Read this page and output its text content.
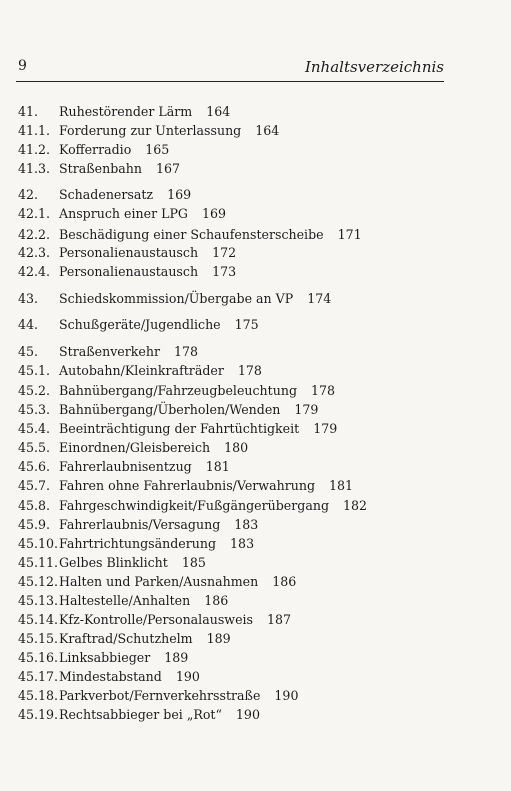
9	Inhaltsverzeichnis
41. Ruhestörender Lärm 164
41.1. Forderung zur Unterlassung 164
41.2. Kofferradio 165
41.3. Straßenbahn 167
42. Schadenersatz 169
42.1. Anspruch einer LPG 169
42.2. Beschädigung einer Schaufensterscheibe 171
42.3. Personalienaustausch 172
42.4. Personalienaustausch 173
43. Schiedskommission/Übergabe an VP 174
44. Schußgeräte/Jugendliche 175
45. Straßenverkehr 178
45.1. Autobahn/Kleinkrafträder 178
45.2. Bahnübergang/Fahrzeugbeleuchtung 178
45.3. Bahnübergang/Überholen/Wenden 179
45.4. Beeinträchtigung der Fahrtüchtigkeit 179
45.5. Einordnen/Gleisbereich 180
45.6. Fahrerlaubnisentzug 181
45.7. Fahren ohne Fahrerlaubnis/Verwahrung 181
45.8. Fahrgeschwindigkeit/Fußgängerübergang 182
45.9. Fahrerlaubnis/Versagung 183
45.10. Fahrtrichtungsänderung 183
45.11. Gelbes Blinklicht 185
45.12. Halten und Parken/Ausnahmen 186
45.13. Haltestelle/Anhalten 186
45.14. Kfz-Kontrolle/Personalausweis 187
45.15. Kraftrad/Schutzhelm 189
45.16. Linksabbieger 189
45.17. Mindestabstand 190
45.18. Parkverbot/Fernverkehrsstraße 190
45.19. Rechtsabbieger bei „Rot“ 190
